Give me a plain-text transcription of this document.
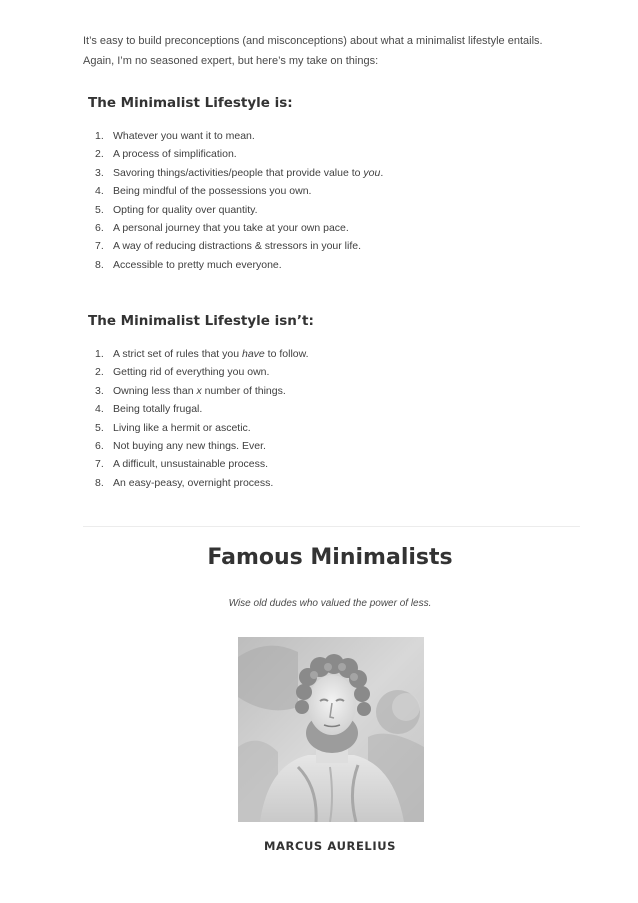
It’s easy to build preconceptions (and misconceptions) about what a minimalist lifestyle entails.
Again, I’m no seasoned expert, but here’s my take on things:

The Minimalist Lifestyle is:
1. Whatever you want it to mean.
2. A process of simplification.
3. Savoring things/activities/people that provide value to you.
4. Being mindful of the possessions you own.
5. Opting for quality over quantity.
6. A personal journey that you take at your own pace.
7. A way of reducing distractions & stressors in your life.
8. Accessible to pretty much everyone.
The Minimalist Lifestyle isn’t:
1. A strict set of rules that you have to follow.
2. Getting rid of everything you own.
3. Owning less than x number of things.
4. Being totally frugal.
5. Living like a hermit or ascetic.
6. Not buying any new things. Ever.
7. A difficult, unsustainable process.
8. An easy-peasy, overnight process.
Famous Minimalists

Wise old dudes who valued the power of less.

MARCUS AURELIUS
